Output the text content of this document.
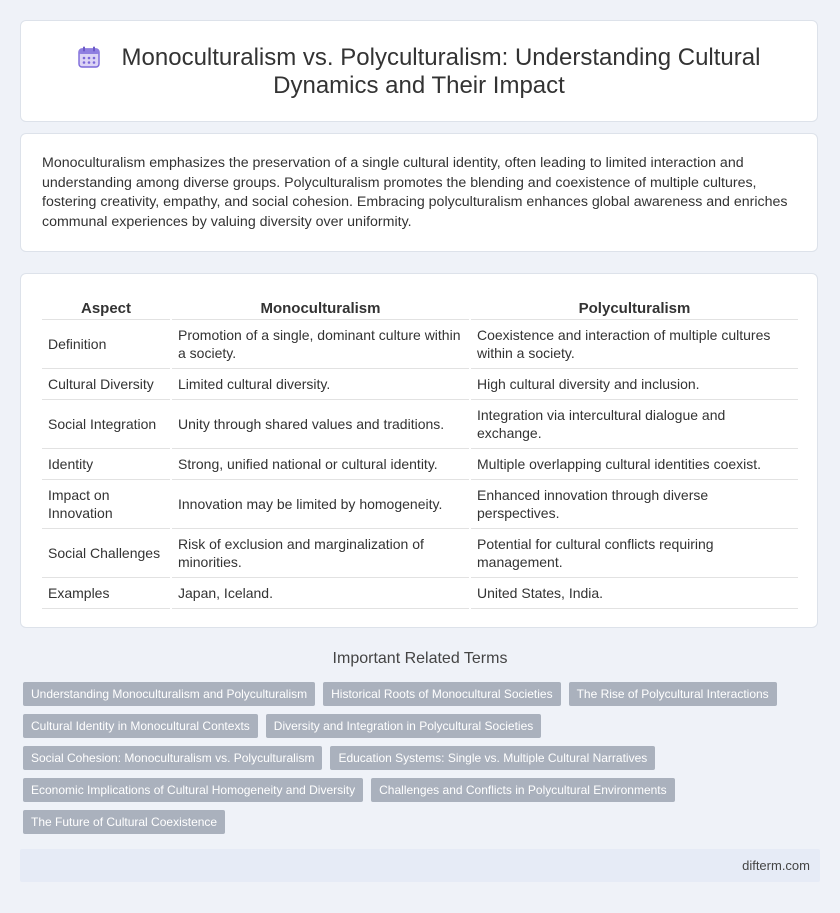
Monoculturalism vs. Polyculturalism: Understanding Cultural Dynamics and Their Impact
Monoculturalism emphasizes the preservation of a single cultural identity, often leading to limited interaction and understanding among diverse groups. Polyculturalism promotes the blending and coexistence of multiple cultures, fostering creativity, empathy, and social cohesion. Embracing polyculturalism enhances global awareness and enriches communal experiences by valuing diversity over uniformity.
Aspect	Monoculturalism	Polyculturalism
Definition	Promotion of a single, dominant culture within a society.	Coexistence and interaction of multiple cultures within a society.
Cultural Diversity	Limited cultural diversity.	High cultural diversity and inclusion.
Social Integration	Unity through shared values and traditions.	Integration via intercultural dialogue and exchange.
Identity	Strong, unified national or cultural identity.	Multiple overlapping cultural identities coexist.
Impact on Innovation	Innovation may be limited by homogeneity.	Enhanced innovation through diverse perspectives.
Social Challenges	Risk of exclusion and marginalization of minorities.	Potential for cultural conflicts requiring management.
Examples	Japan, Iceland.	United States, India.
Important Related Terms
Understanding Monoculturalism and Polyculturalism	Historical Roots of Monocultural Societies	The Rise of Polycultural Interactions
Cultural Identity in Monocultural Contexts	Diversity and Integration in Polycultural Societies
Social Cohesion: Monoculturalism vs. Polyculturalism	Education Systems: Single vs. Multiple Cultural Narratives
Economic Implications of Cultural Homogeneity and Diversity	Challenges and Conflicts in Polycultural Environments
The Future of Cultural Coexistence
difterm.com
